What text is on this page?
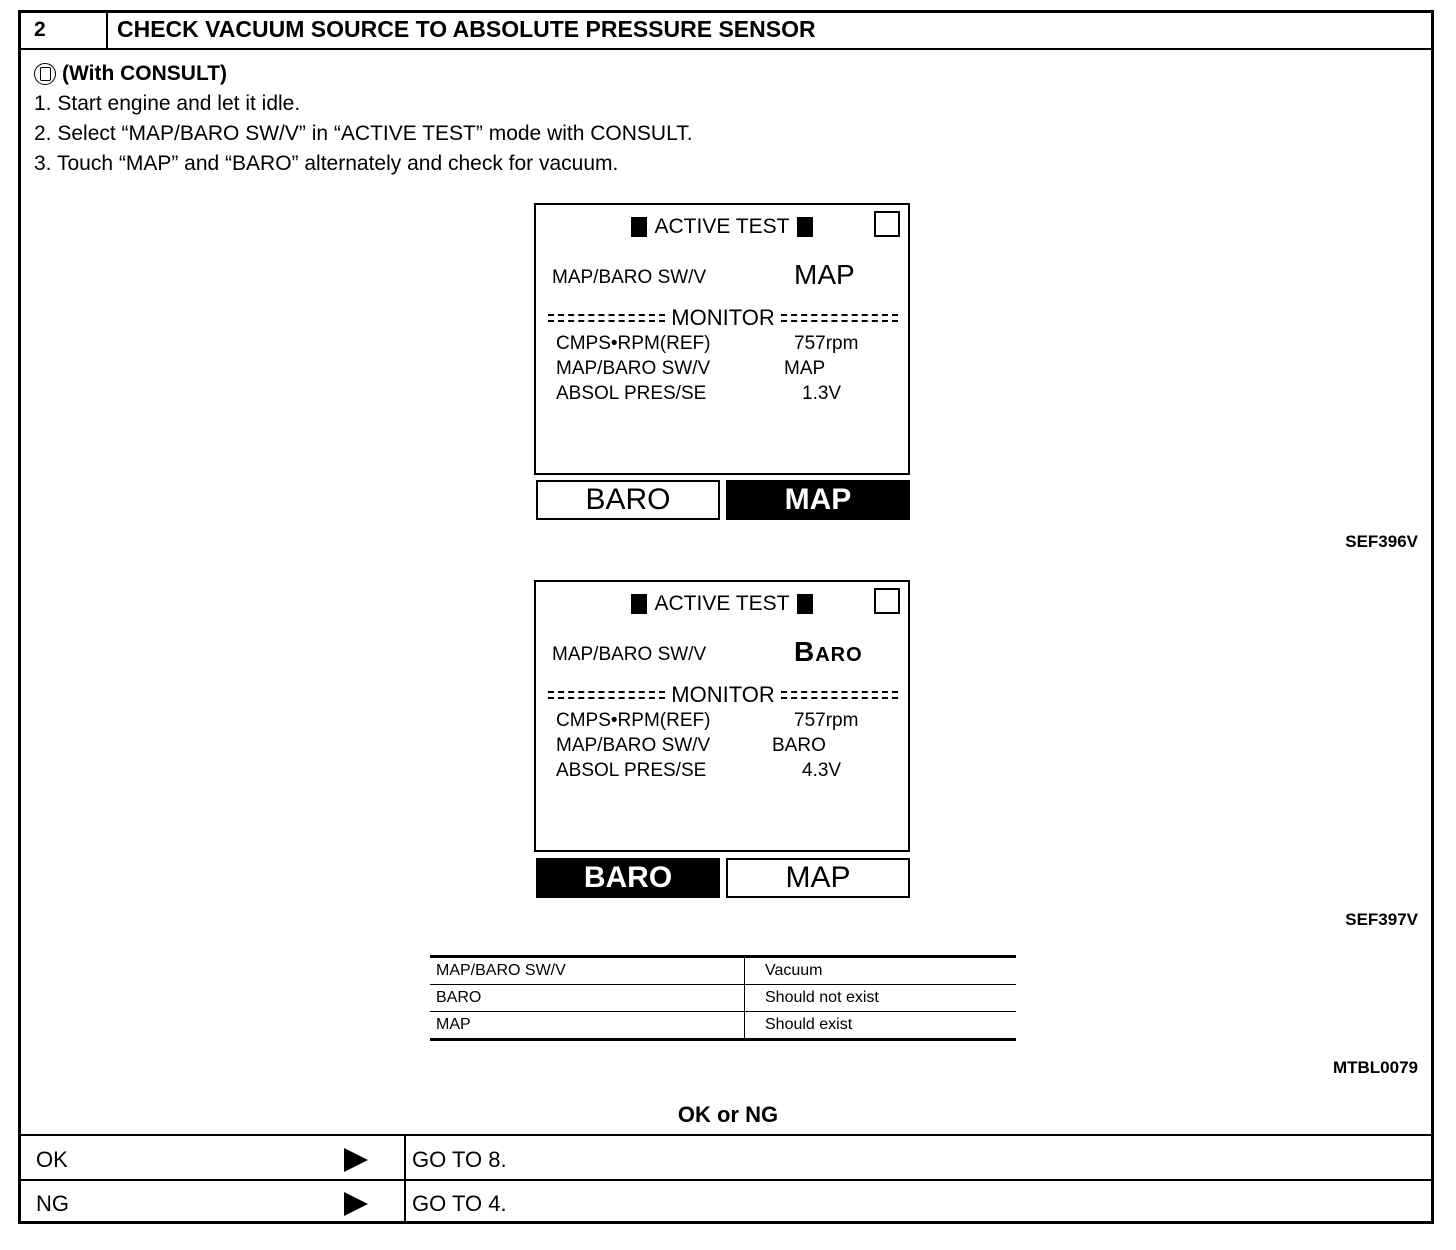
2	CHECK VACUUM SOURCE TO ABSOLUTE PRESSURE SENSOR
(With CONSULT)
1. Start engine and let it idle.
2. Select “MAP/BARO SW/V” in “ACTIVE TEST” mode with CONSULT.
3. Touch “MAP” and “BARO” alternately and check for vacuum.
ACTIVE TEST
MAP/BARO SW/V	MAP
MONITOR
CMPS•RPM(REF)	757rpm
MAP/BARO SW/V	MAP
ABSOL PRES/SE	1.3V
BARO	MAP
SEF396V
ACTIVE TEST
MAP/BARO SW/V	Baro
MONITOR
CMPS•RPM(REF)	757rpm
MAP/BARO SW/V	BARO
ABSOL PRES/SE	4.3V
BARO	MAP
SEF397V
MAP/BARO SW/V	Vacuum
BARO	Should not exist
MAP	Should exist
MTBL0079
OK or NG
OK	GO TO 8.
NG	GO TO 4.
